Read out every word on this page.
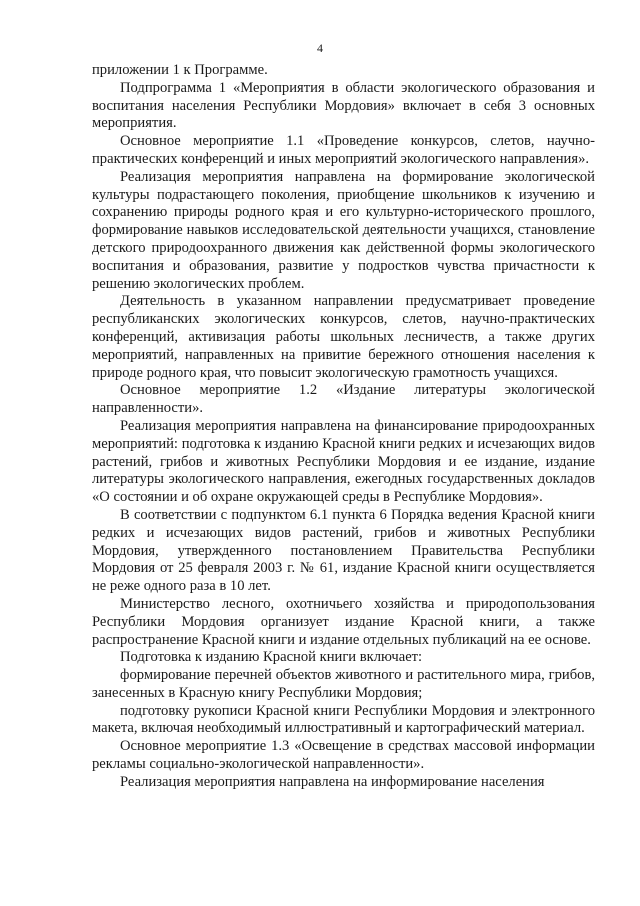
4

приложении 1 к Программе.

Подпрограмма 1 «Мероприятия в области экологического образования и воспитания населения Республики Мордовия» включает в себя 3 основных мероприятия.

Основное мероприятие 1.1 «Проведение конкурсов, слетов, научно-практических конференций и иных мероприятий экологического направления».

Реализация мероприятия направлена на формирование экологической культуры подрастающего поколения, приобщение школьников к изучению и сохранению природы родного края и его культурно-исторического прошлого, формирование навыков исследовательской деятельности учащихся, становление детского природоохранного движения как действенной формы экологического воспитания и образования, развитие у подростков чувства причастности к решению экологических проблем.

Деятельность в указанном направлении предусматривает проведение республиканских экологических конкурсов, слетов, научно-практических конференций, активизация работы школьных лесничеств, а также других мероприятий, направленных на привитие бережного отношения населения к природе родного края, что повысит экологическую грамотность учащихся.

Основное мероприятие 1.2 «Издание литературы экологической направленности».

Реализация мероприятия направлена на финансирование природоохранных мероприятий: подготовка к изданию Красной книги редких и исчезающих видов растений, грибов и животных Республики Мордовия и ее издание, издание литературы экологического направления, ежегодных государственных докладов «О состоянии и об охране окружающей среды в Республике Мордовия».

В соответствии с подпунктом 6.1 пункта 6 Порядка ведения Красной книги редких и исчезающих видов растений, грибов и животных Республики Мордовия, утвержденного постановлением Правительства Республики Мордовия от 25 февраля 2003 г. № 61, издание Красной книги осуществляется не реже одного раза в 10 лет.

Министерство лесного, охотничьего хозяйства и природопользования Республики Мордовия организует издание Красной книги, а также распространение Красной книги и издание отдельных публикаций на ее основе.

Подготовка к изданию Красной книги включает:

формирование перечней объектов животного и растительного мира, грибов, занесенных в Красную книгу Республики Мордовия;

подготовку рукописи Красной книги Республики Мордовия и электронного макета, включая необходимый иллюстративный и картографический материал.

Основное мероприятие 1.3 «Освещение в средствах массовой информации рекламы социально-экологической направленности».

Реализация мероприятия направлена на информирование населения
